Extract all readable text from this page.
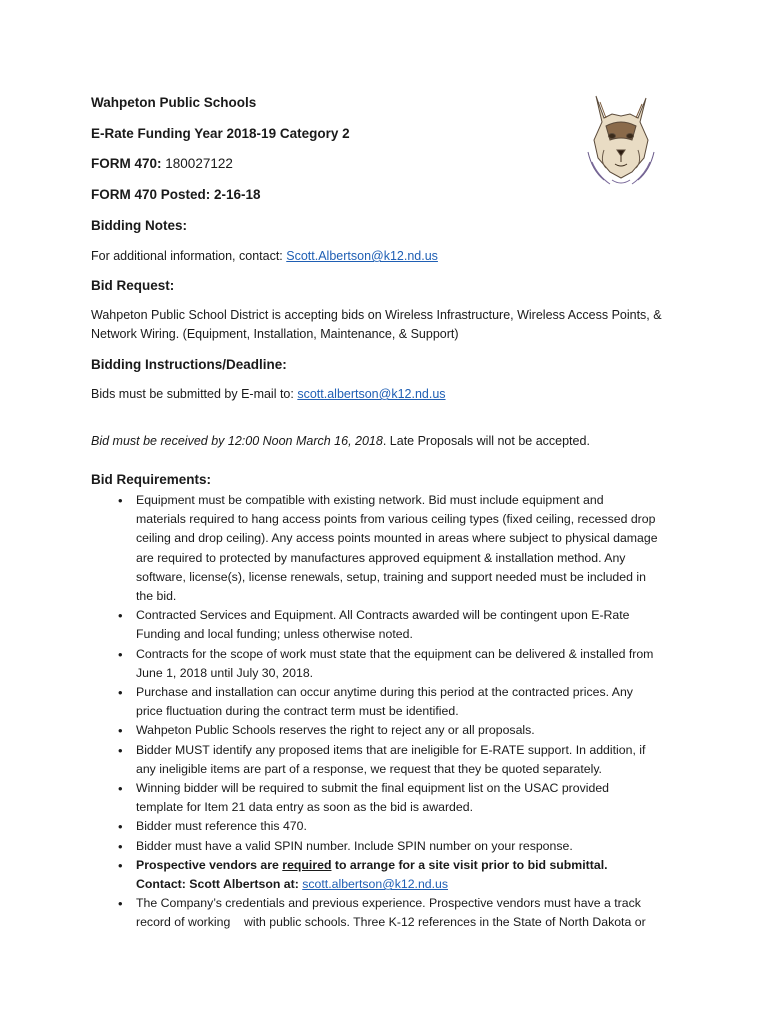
Wahpeton Public Schools
E-Rate Funding Year 2018-19 Category 2
FORM 470: 180027122
FORM 470 Posted: 2-16-18
Bidding Notes:
For additional information, contact: Scott.Albertson@k12.nd.us
Bid Request:
Wahpeton Public School District is accepting bids on Wireless Infrastructure, Wireless Access Points, &
Network Wiring. (Equipment, Installation, Maintenance, & Support)
Bidding Instructions/Deadline:
Bids must be submitted by E-mail to: scott.albertson@k12.nd.us
Bid must be received by 12:00 Noon March 16, 2018. Late Proposals will not be accepted.
Bid Requirements:
• Equipment must be compatible with existing network. Bid must include equipment and
materials required to hang access points from various ceiling types (fixed ceiling, recessed drop
ceiling and drop ceiling). Any access points mounted in areas where subject to physical damage
are required to protected by manufactures approved equipment & installation method. Any
software, license(s), license renewals, setup, training and support needed must be included in
the bid.
• Contracted Services and Equipment. All Contracts awarded will be contingent upon E-Rate
Funding and local funding; unless otherwise noted.
• Contracts for the scope of work must state that the equipment can be delivered & installed from
June 1, 2018 until July 30, 2018.
• Purchase and installation can occur anytime during this period at the contracted prices. Any
price fluctuation during the contract term must be identified.
• Wahpeton Public Schools reserves the right to reject any or all proposals.
• Bidder MUST identify any proposed items that are ineligible for E-RATE support. In addition, if
any ineligible items are part of a response, we request that they be quoted separately.
• Winning bidder will be required to submit the final equipment list on the USAC provided
template for Item 21 data entry as soon as the bid is awarded.
• Bidder must reference this 470.
• Bidder must have a valid SPIN number. Include SPIN number on your response.
• Prospective vendors are required to arrange for a site visit prior to bid submittal.
Contact: Scott Albertson at: scott.albertson@k12.nd.us
• The Company’s credentials and previous experience. Prospective vendors must have a track
record of working    with public schools. Three K-12 references in the State of North Dakota or
